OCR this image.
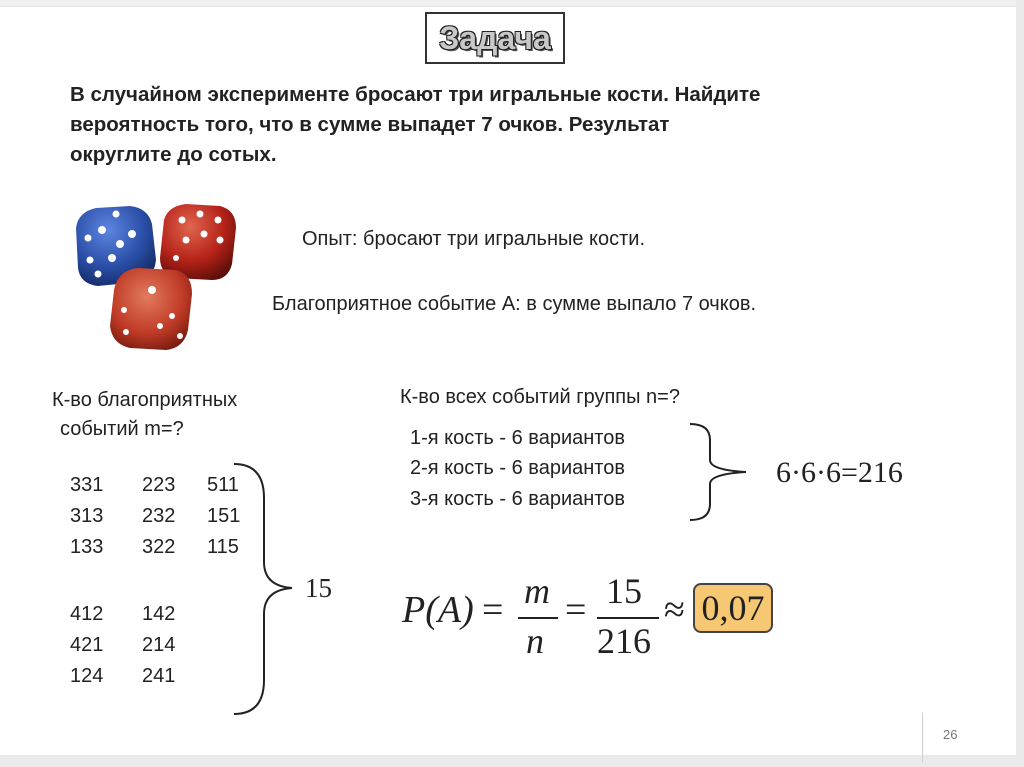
Задача
В случайном эксперименте бросают три игральные кости. Найдите
вероятность того, что в сумме выпадет 7 очков. Результат
округлите до сотых.
Опыт: бросают три игральные кости.
Благоприятное событие А: в сумме выпало 7 очков.
К-во благоприятных
событий m=?
К-во всех событий группы n=?
331 223 511
313 232 151
133 322 115
412 142
421 214
124 241
15
1-я кость - 6 вариантов
2-я кость - 6 вариантов
3-я кость - 6 вариантов
6·6·6=216
P(A) = m
n
= 15
216
≈ 0,07
26
